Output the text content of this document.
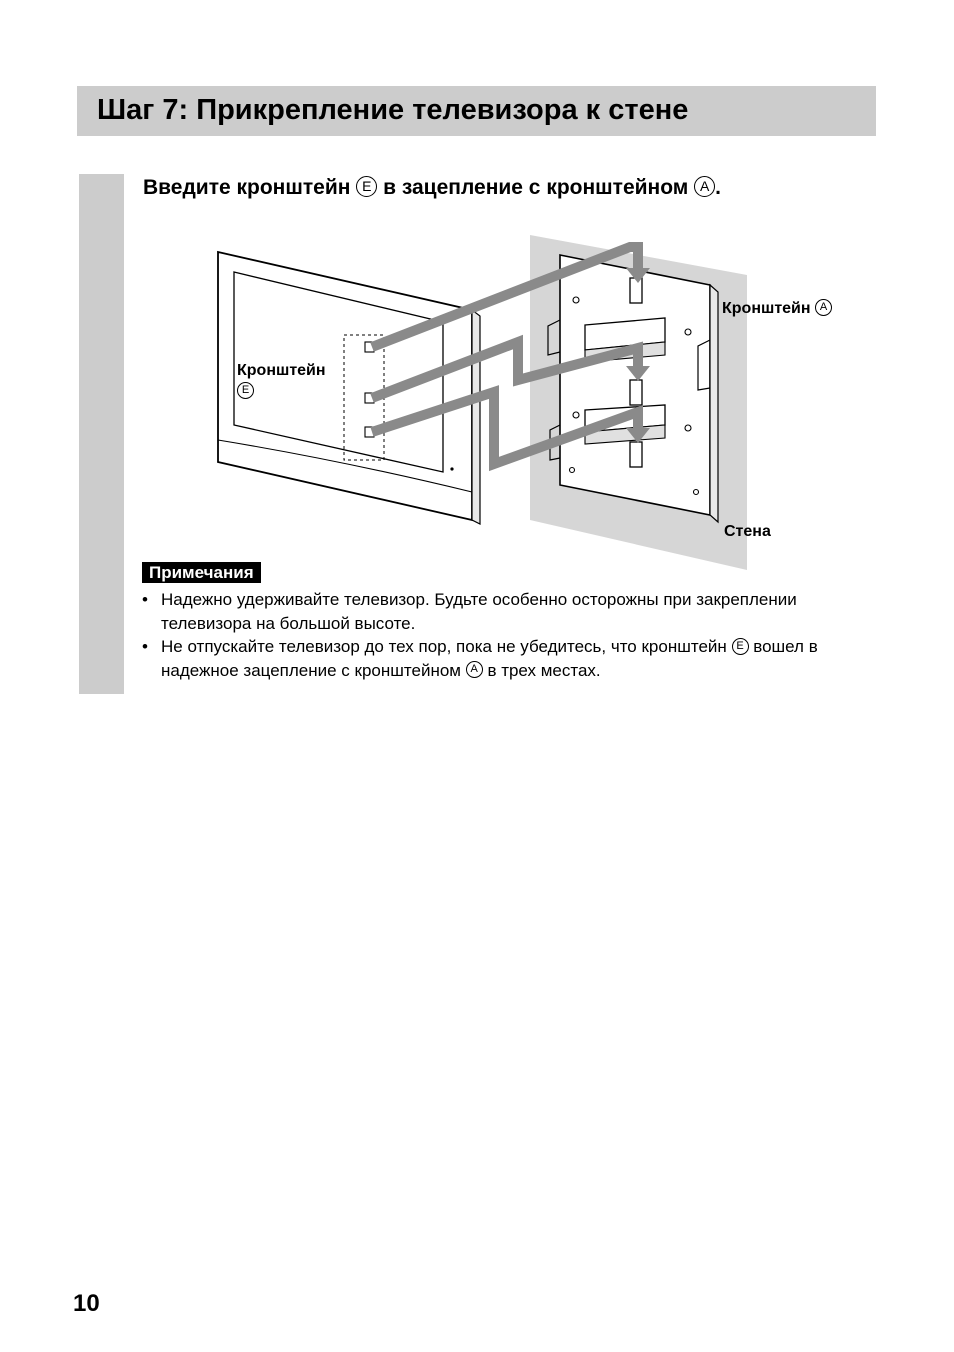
Шаг 7: Прикрепление телевизора к стене
Введите кронштейн E в зацепление с кронштейном A .
Кронштейн A
Кронштейн
E
Стена
Примечания
• Надежно удерживайте телевизор. Будьте особенно осторожны при закреплении телевизора на большой высоте.
• Не отпускайте телевизор до тех пор, пока не убедитесь, что кронштейн E вошел в надежное зацепление с кронштейном A в трех местах.
10
